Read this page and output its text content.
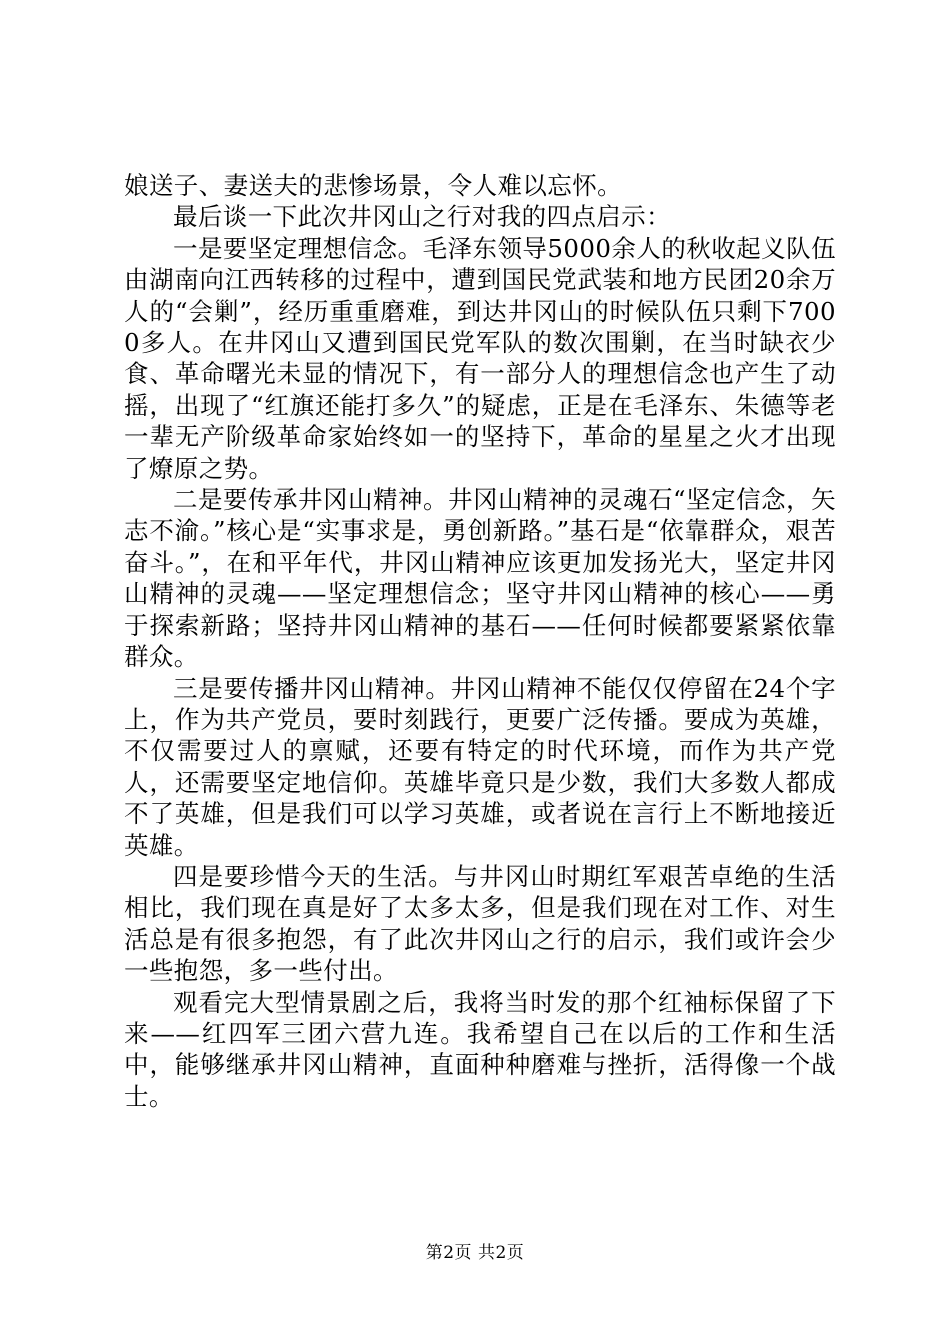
娘送子、妻送夫的悲惨场景，令人难以忘怀。

最后谈一下此次井冈山之行对我的四点启示：

一是要坚定理想信念。毛泽东领导5000余人的秋收起义队伍由湖南向江西转移的过程中，遭到国民党武装和地方民团20余万人的“会剿”，经历重重磨难，到达井冈山的时候队伍只剩下7000多人。在井冈山又遭到国民党军队的数次围剿，在当时缺衣少食、革命曙光未显的情况下，有一部分人的理想信念也产生了动摇，出现了“红旗还能打多久”的疑虑，正是在毛泽东、朱德等老一辈无产阶级革命家始终如一的坚持下，革命的星星之火才出现了燎原之势。

二是要传承井冈山精神。井冈山精神的灵魂石“坚定信念，矢志不渝。”核心是“实事求是，勇创新路。”基石是“依靠群众，艰苦奋斗。”，在和平年代，井冈山精神应该更加发扬光大，坚定井冈山精神的灵魂——坚定理想信念；坚守井冈山精神的核心——勇于探索新路；坚持井冈山精神的基石——任何时候都要紧紧依靠群众。

三是要传播井冈山精神。井冈山精神不能仅仅停留在24个字上，作为共产党员，要时刻践行，更要广泛传播。要成为英雄，不仅需要过人的禀赋，还要有特定的时代环境，而作为共产党人，还需要坚定地信仰。英雄毕竟只是少数，我们大多数人都成不了英雄，但是我们可以学习英雄，或者说在言行上不断地接近英雄。

四是要珍惜今天的生活。与井冈山时期红军艰苦卓绝的生活相比，我们现在真是好了太多太多，但是我们现在对工作、对生活总是有很多抱怨，有了此次井冈山之行的启示，我们或许会少一些抱怨，多一些付出。

观看完大型情景剧之后，我将当时发的那个红袖标保留了下来——红四军三团六营九连。我希望自己在以后的工作和生活中，能够继承井冈山精神，直面种种磨难与挫折，活得像一个战士。

第2页 共2页
